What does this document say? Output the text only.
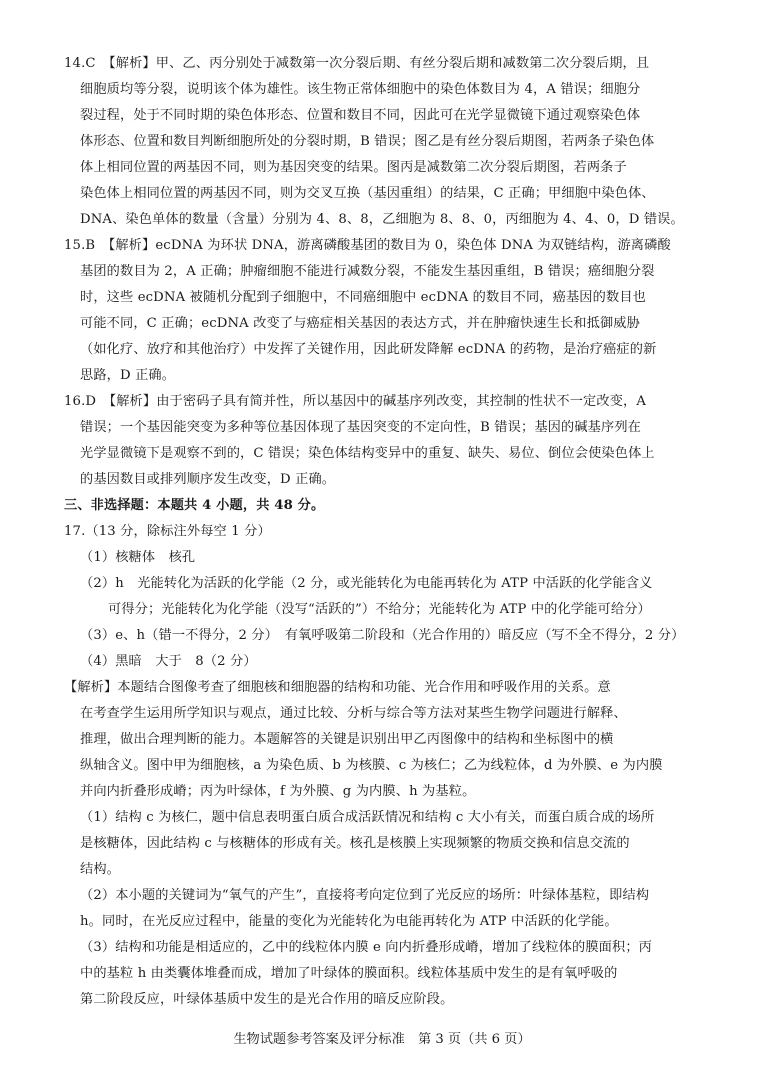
14.C　【解析】甲、乙、丙分别处于减数第一次分裂后期、有丝分裂后期和减数第二次分裂后期，且
细胞质均等分裂，说明该个体为雄性。该生物正常体细胞中的染色体数目为 4，A 错误；细胞分
裂过程，处于不同时期的染色体形态、位置和数目不同，因此可在光学显微镜下通过观察染色体
体形态、位置和数目判断细胞所处的分裂时期，B 错误；图乙是有丝分裂后期图，若两条子染色体
体上相同位置的两基因不同，则为基因突变的结果。图丙是减数第二次分裂后期图，若两条子
染色体上相同位置的两基因不同，则为交叉互换（基因重组）的结果，C 正确；甲细胞中染色体、
DNA、染色单体的数量（含量）分别为 4、8、8，乙细胞为 8、8、0，丙细胞为 4、4、0，D 错误。
15.B　【解析】ecDNA 为环状 DNA，游离磷酸基团的数目为 0，染色体 DNA 为双链结构，游离磷酸
基团的数目为 2，A 正确；肿瘤细胞不能进行减数分裂，不能发生基因重组，B 错误；癌细胞分裂
时，这些 ecDNA 被随机分配到子细胞中，不同癌细胞中 ecDNA 的数目不同，癌基因的数目也
可能不同，C 正确；ecDNA 改变了与癌症相关基因的表达方式，并在肿瘤快速生长和抵御威胁
（如化疗、放疗和其他治疗）中发挥了关键作用，因此研发降解 ecDNA 的药物，是治疗癌症的新
思路，D 正确。
16.D　【解析】由于密码子具有简并性，所以基因中的碱基序列改变，其控制的性状不一定改变，A
错误；一个基因能突变为多种等位基因体现了基因突变的不定向性，B 错误；基因的碱基序列在
光学显微镜下是观察不到的，C 错误；染色体结构变异中的重复、缺失、易位、倒位会使染色体上
的基因数目或排列顺序发生改变，D 正确。
三、非选择题：本题共 4 小题，共 48 分。
17.（13 分，除标注外每空 1 分）
（1）核糖体　核孔
（2）h　光能转化为活跃的化学能（2 分，或光能转化为电能再转化为 ATP 中活跃的化学能含义
可得分；光能转化为化学能（没写“活跃的”）不给分；光能转化为 ATP 中的化学能可给分）
（3）e、h（错一不得分，2 分）　有氧呼吸第二阶段和（光合作用的）暗反应（写不全不得分，2 分）
（4）黑暗　大于　8（2 分）
【解析】本题结合图像考查了细胞核和细胞器的结构和功能、光合作用和呼吸作用的关系。意
在考查学生运用所学知识与观点，通过比较、分析与综合等方法对某些生物学问题进行解释、
推理，做出合理判断的能力。本题解答的关键是识别出甲乙丙图像中的结构和坐标图中的横
纵轴含义。图中甲为细胞核，a 为染色质、b 为核膜、c 为核仁；乙为线粒体，d 为外膜、e 为内膜
并向内折叠形成嵴；丙为叶绿体，f 为外膜、g 为内膜、h 为基粒。
（1）结构 c 为核仁，题中信息表明蛋白质合成活跃情况和结构 c 大小有关，而蛋白质合成的场所
是核糖体，因此结构 c 与核糖体的形成有关。核孔是核膜上实现频繁的物质交换和信息交流的
结构。
（2）本小题的关键词为“氧气的产生”，直接将考向定位到了光反应的场所：叶绿体基粒，即结构
h。同时，在光反应过程中，能量的变化为光能转化为电能再转化为 ATP 中活跃的化学能。
（3）结构和功能是相适应的，乙中的线粒体内膜 e 向内折叠形成嵴，增加了线粒体的膜面积；丙
中的基粒 h 由类囊体堆叠而成，增加了叶绿体的膜面积。线粒体基质中发生的是有氧呼吸的
第二阶段反应，叶绿体基质中发生的是光合作用的暗反应阶段。
生物试题参考答案及评分标准　第 3 页（共 6 页）
